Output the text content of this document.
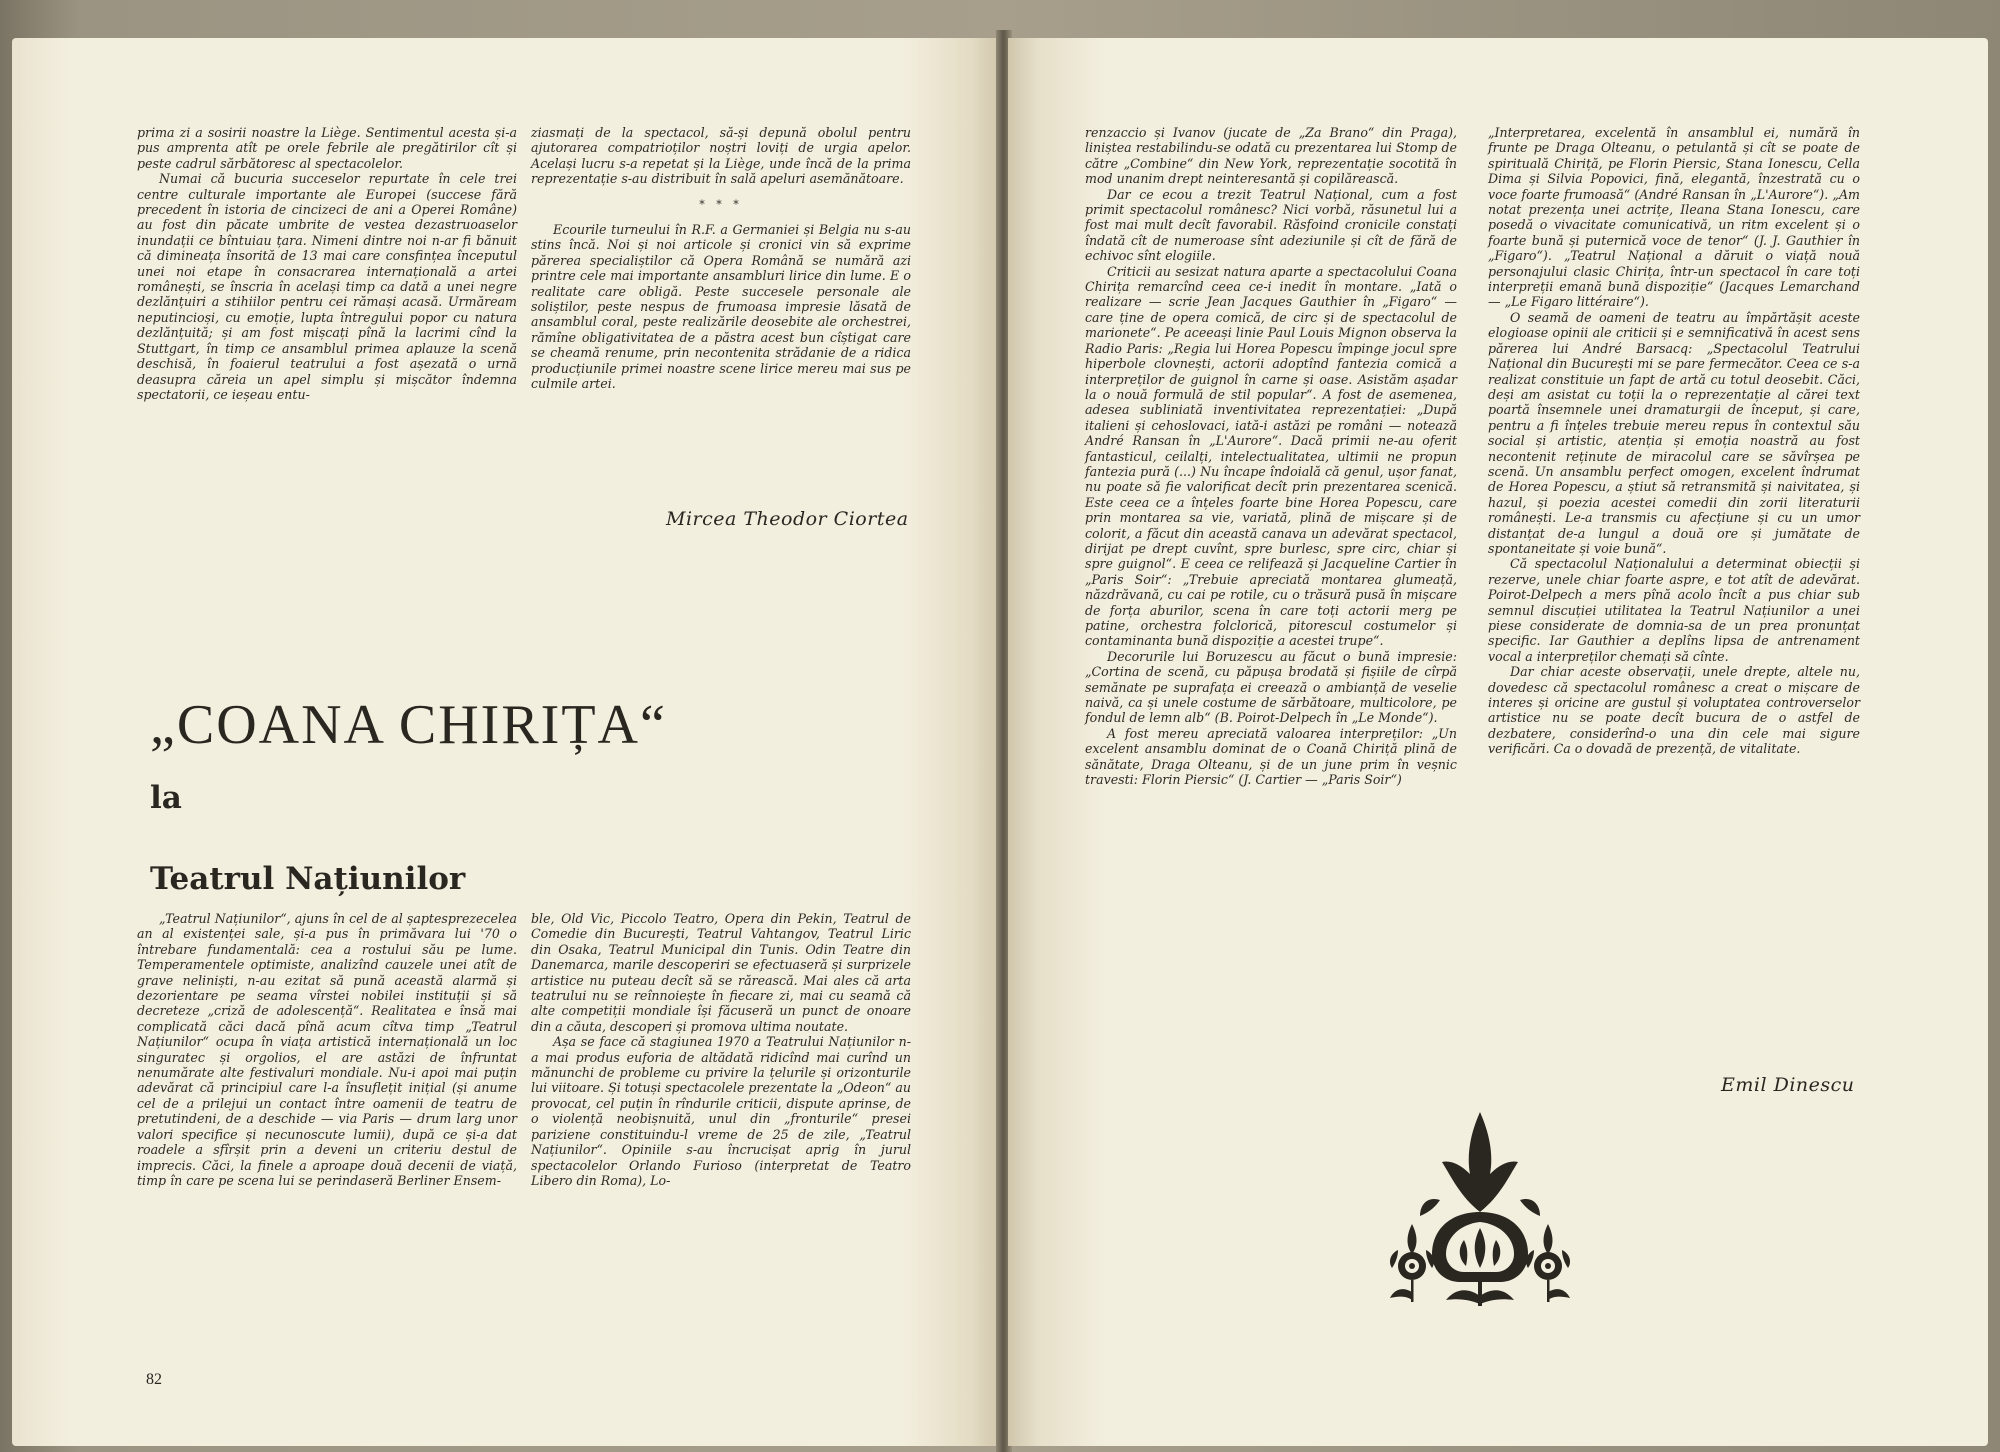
prima zi a sosirii noastre la Liège. Sentimentul acesta și-a pus amprenta atît pe orele febrile ale pregătirilor cît și peste cadrul sărbătoresc al spectacolelor.

Numai că bucuria succeselor repurtate în cele trei centre culturale importante ale Europei (succese fără precedent în istoria de cincizeci de ani a Operei Române) au fost din păcate umbrite de vestea dezastruoaselor inundații ce bîntuiau țara. Nimeni dintre noi n-ar fi bănuit că dimineața însorită de 13 mai care consfințea începutul unei noi etape în consacrarea internațională a artei românești, se înscria în același timp ca dată a unei negre dezlănțuiri a stihiilor pentru cei rămași acasă. Urmăream neputincioși, cu emoție, lupta întregului popor cu natura dezlănțuită; și am fost mișcați pînă la lacrimi cînd la Stuttgart, în timp ce ansamblul primea aplauze la scenă deschisă, în foaierul teatrului a fost așezată o urnă deasupra căreia un apel simplu și mișcător îndemna spectatorii, ce ieșeau entu-

ziasmați de la spectacol, să-și depună obolul pentru ajutorarea compatrioților noștri loviți de urgia apelor. Același lucru s-a repetat și la Liège, unde încă de la prima reprezentație s-au distribuit în sală apeluri asemănătoare.

* * *

Ecourile turneului în R.F. a Germaniei și Belgia nu s-au stins încă. Noi și noi articole și cronici vin să exprime părerea specialiștilor că Opera Română se numără azi printre cele mai importante ansambluri lirice din lume. E o realitate care obligă. Peste succesele personale ale soliștilor, peste nespus de frumoasa impresie lăsată de ansamblul coral, peste realizările deosebite ale orchestrei, rămîne obligativitatea de a păstra acest bun cîștigat care se cheamă renume, prin necontenita strădanie de a ridica producțiunile primei noastre scene lirice mereu mai sus pe culmile artei.

Mircea Theodor Ciortea
„COANA CHIRIȚA“
la
Teatrul Națiunilor

„Teatrul Națiunilor“, ajuns în cel de al șaptesprezecelea an al existenței sale, și-a pus în primăvara lui '70 o întrebare fundamentală: cea a rostului său pe lume. Temperamentele optimiste, analizînd cauzele unei atît de grave neliniști, n-au ezitat să pună această alarmă și dezorientare pe seama vîrstei nobilei instituții și să decreteze „criză de adolescență“. Realitatea e însă mai complicată căci dacă pînă acum cîtva timp „Teatrul Națiunilor“ ocupa în viața artistică internațională un loc singuratec și orgolios, el are astăzi de înfruntat nenumărate alte festivaluri mondiale. Nu-i apoi mai puțin adevărat că principiul care l-a însuflețit inițial (și anume cel de a prilejui un contact între oamenii de teatru de pretutindeni, de a deschide — via Paris — drum larg unor valori specifice și necunoscute lumii), după ce și-a dat roadele a sfîrșit prin a deveni un criteriu destul de imprecis. Căci, la finele a aproape două decenii de viață, timp în care pe scena lui se perindaseră Berliner Ensem-

ble, Old Vic, Piccolo Teatro, Opera din Pekin, Teatrul de Comedie din București, Teatrul Vahtangov, Teatrul Liric din Osaka, Teatrul Municipal din Tunis. Odin Teatre din Danemarca, marile descoperiri se efectuaseră și surprizele artistice nu puteau decît să se rărească. Mai ales că arta teatrului nu se reînnoiește în fiecare zi, mai cu seamă că alte competiții mondiale își făcuseră un punct de onoare din a căuta, descoperi și promova ultima noutate.

Așa se face că stagiunea 1970 a Teatrului Națiunilor n-a mai produs euforia de altădată ridicînd mai curînd un mănunchi de probleme cu privire la țelurile și orizonturile lui viitoare. Și totuși spectacolele prezentate la „Odeon“ au provocat, cel puțin în rîndurile criticii, dispute aprinse, de o violență neobișnuită, unul din „fronturile“ presei pariziene constituindu-l vreme de 25 de zile, „Teatrul Națiunilor“. Opiniile s-au încrucișat aprig în jurul spectacolelor Orlando Furioso (interpretat de Teatro Libero din Roma), Lo-

82

renzaccio și Ivanov (jucate de „Za Brano“ din Praga), liniștea restabilindu-se odată cu prezentarea lui Stomp de către „Combine“ din New York, reprezentație socotită în mod unanim drept neinteresantă și copilărească.

Dar ce ecou a trezit Teatrul Național, cum a fost primit spectacolul românesc? Nici vorbă, răsunetul lui a fost mai mult decît favorabil. Răsfoind cronicile constați îndată cît de numeroase sînt adeziunile și cît de fără de echivoc sînt elogiile.

Criticii au sesizat natura aparte a spectacolului Coana Chirița remarcînd ceea ce-i inedit în montare. „Iată o realizare — scrie Jean Jacques Gauthier în „Figaro“ — care ține de opera comică, de circ și de spectacolul de marionete“. Pe aceeași linie Paul Louis Mignon observa la Radio Paris: „Regia lui Horea Popescu împinge jocul spre hiperbole clovnești, actorii adoptînd fantezia comică a interpreților de guignol în carne și oase. Asistăm așadar la o nouă formulă de stil popular“. A fost de asemenea, adesea subliniată inventivitatea reprezentației: „După italieni și cehoslovaci, iată-i astăzi pe români — notează André Ransan în „L'Aurore“. Dacă primii ne-au oferit fantasticul, ceilalți, intelectualitatea, ultimii ne propun fantezia pură (...) Nu încape îndoială că genul, ușor fanat, nu poate să fie valorificat decît prin prezentarea scenică. Este ceea ce a înțeles foarte bine Horea Popescu, care prin montarea sa vie, variată, plină de mișcare și de colorit, a făcut din această canava un adevărat spectacol, dirijat pe drept cuvînt, spre burlesc, spre circ, chiar și spre guignol“. E ceea ce relifează și Jacqueline Cartier în „Paris Soir“: „Trebuie apreciată montarea glumeață, năzdrăvană, cu cai pe rotile, cu o trăsură pusă în mișcare de forța aburilor, scena în care toți actorii merg pe patine, orchestra folclorică, pitorescul costumelor și contaminanta bună dispoziție a acestei trupe“.

Decorurile lui Boruzescu au făcut o bună impresie: „Cortina de scenă, cu păpușa brodată și fișiile de cîrpă semănate pe suprafața ei creează o ambianță de veselie naivă, ca și unele costume de sărbătoare, multicolore, pe fondul de lemn alb“ (B. Poirot-Delpech în „Le Monde“).

A fost mereu apreciată valoarea interpreților: „Un excelent ansamblu dominat de o Coană Chiriță plină de sănătate, Draga Olteanu, și de un june prim în veșnic travesti: Florin Piersic“ (J. Cartier — „Paris Soir“)

„Interpretarea, excelentă în ansamblul ei, numără în frunte pe Draga Olteanu, o petulantă și cît se poate de spirituală Chiriță, pe Florin Piersic, Stana Ionescu, Cella Dima și Silvia Popovici, fină, elegantă, înzestrată cu o voce foarte frumoasă“ (André Ransan în „L'Aurore“). „Am notat prezența unei actrițe, Ileana Stana Ionescu, care posedă o vivacitate comunicativă, un ritm excelent și o foarte bună și puternică voce de tenor“ (J. J. Gauthier în „Figaro“). „Teatrul Național a dăruit o viață nouă personajului clasic Chirița, într-un spectacol în care toți interpreții emană bună dispoziție“ (Jacques Lemarchand — „Le Figaro littéraire“).

O seamă de oameni de teatru au împărtășit aceste elogioase opinii ale criticii și e semnificativă în acest sens părerea lui André Barsacq: „Spectacolul Teatrului Național din București mi se pare fermecător. Ceea ce s-a realizat constituie un fapt de artă cu totul deosebit. Căci, deși am asistat cu toții la o reprezentație al cărei text poartă însemnele unei dramaturgii de început, și care, pentru a fi înțeles trebuie mereu repus în contextul său social și artistic, atenția și emoția noastră au fost necontenit reținute de miracolul care se săvîrșea pe scenă. Un ansamblu perfect omogen, excelent îndrumat de Horea Popescu, a știut să retransmită și naivitatea, și hazul, și poezia acestei comedii din zorii literaturii românești. Le-a transmis cu afecțiune și cu un umor distanțat de-a lungul a două ore și jumătate de spontaneitate și voie bună“.

Că spectacolul Naționalului a determinat obiecții și rezerve, unele chiar foarte aspre, e tot atît de adevărat. Poirot-Delpech a mers pînă acolo încît a pus chiar sub semnul discuției utilitatea la Teatrul Națiunilor a unei piese considerate de domnia-sa de un prea pronunțat specific. Iar Gauthier a deplîns lipsa de antrenament vocal a interpreților chemați să cînte.

Dar chiar aceste observații, unele drepte, altele nu, dovedesc că spectacolul românesc a creat o mișcare de interes și oricine are gustul și voluptatea controverselor artistice nu se poate decît bucura de o astfel de dezbatere, considerînd-o una din cele mai sigure verificări. Ca o dovadă de prezență, de vitalitate.

Emil Dinescu
